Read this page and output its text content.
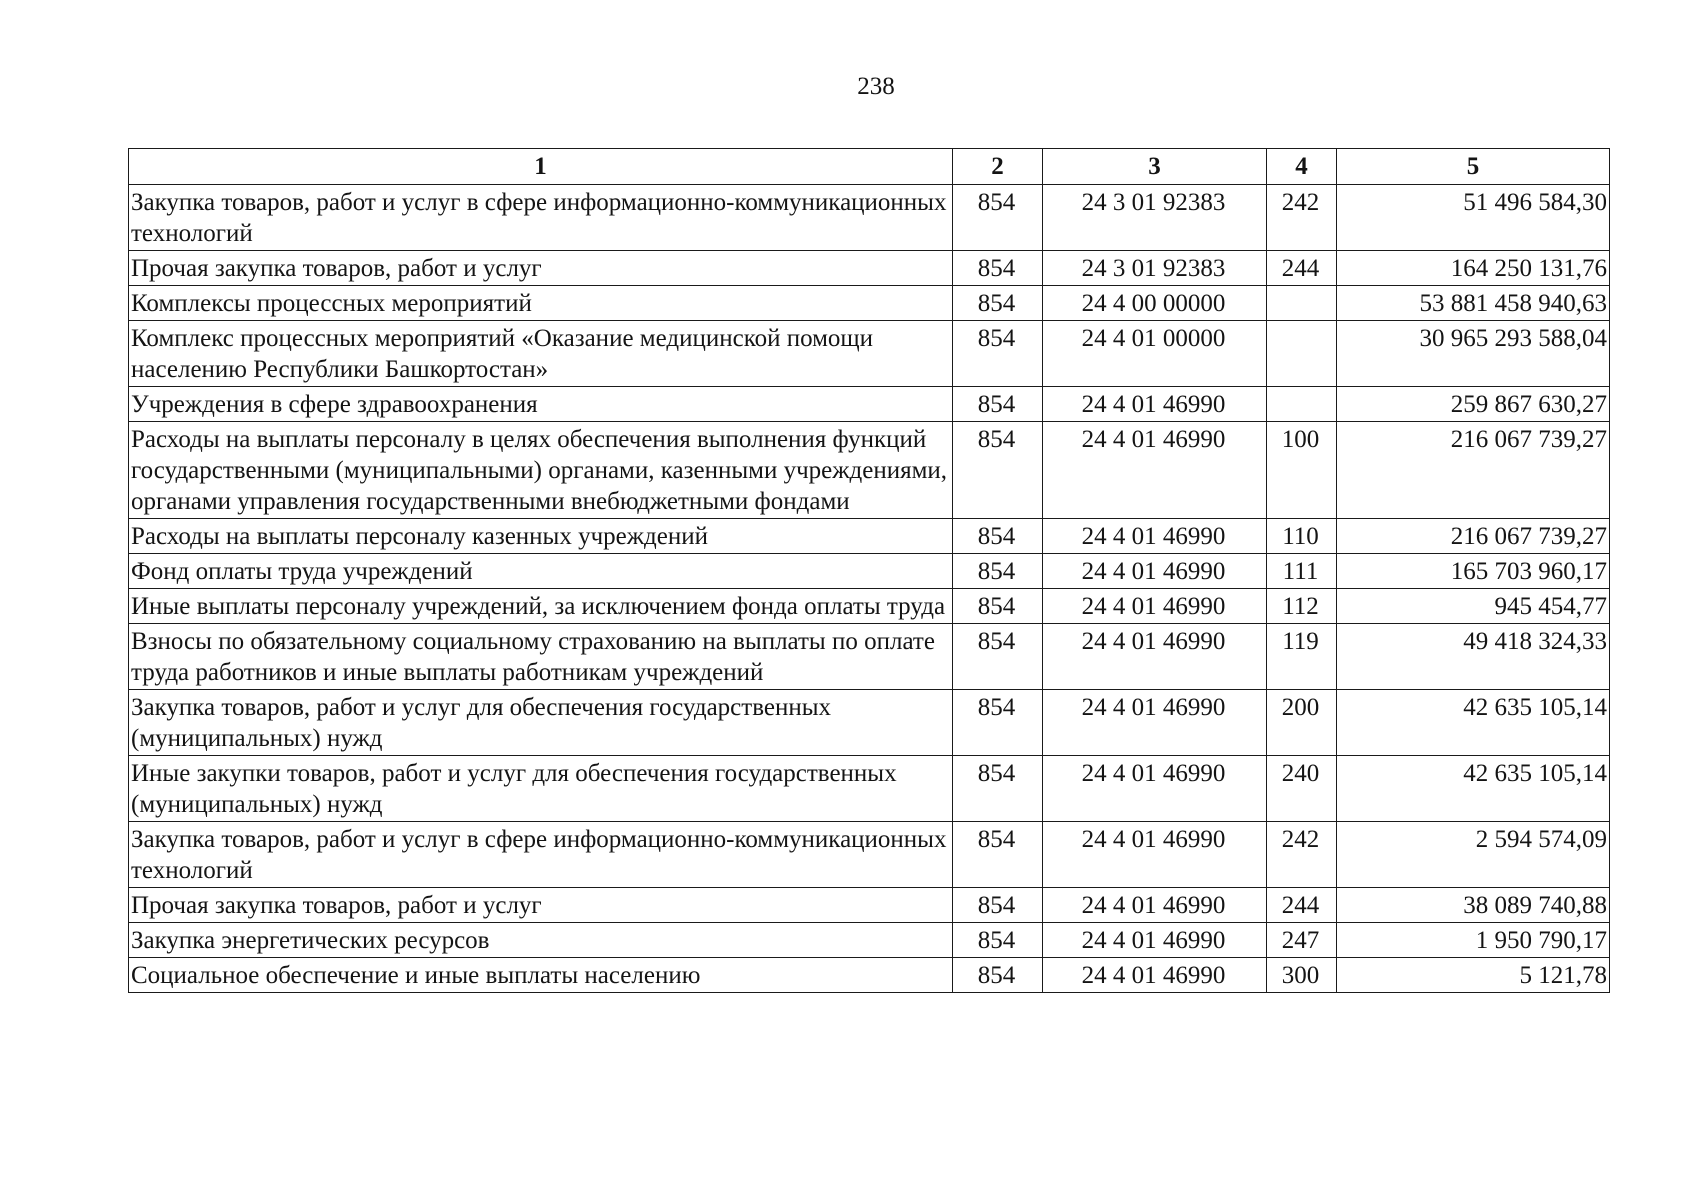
238
1	2	3	4	5
Закупка товаров, работ и услуг в сфере информационно-коммуникационных технологий	854	24 3 01 92383	242	51 496 584,30
Прочая закупка товаров, работ и услуг	854	24 3 01 92383	244	164 250 131,76
Комплексы процессных мероприятий	854	24 4 00 00000		53 881 458 940,63
Комплекс процессных мероприятий «Оказание медицинской помощи населению Республики Башкортостан»	854	24 4 01 00000		30 965 293 588,04
Учреждения в сфере здравоохранения	854	24 4 01 46990		259 867 630,27
Расходы на выплаты персоналу в целях обеспечения выполнения функций государственными (муниципальными) органами, казенными учреждениями, органами управления государственными внебюджетными фондами	854	24 4 01 46990	100	216 067 739,27
Расходы на выплаты персоналу казенных учреждений	854	24 4 01 46990	110	216 067 739,27
Фонд оплаты труда учреждений	854	24 4 01 46990	111	165 703 960,17
Иные выплаты персоналу учреждений, за исключением фонда оплаты труда	854	24 4 01 46990	112	945 454,77
Взносы по обязательному социальному страхованию на выплаты по оплате труда работников и иные выплаты работникам учреждений	854	24 4 01 46990	119	49 418 324,33
Закупка товаров, работ и услуг для обеспечения государственных (муниципальных) нужд	854	24 4 01 46990	200	42 635 105,14
Иные закупки товаров, работ и услуг для обеспечения государственных (муниципальных) нужд	854	24 4 01 46990	240	42 635 105,14
Закупка товаров, работ и услуг в сфере информационно-коммуникационных технологий	854	24 4 01 46990	242	2 594 574,09
Прочая закупка товаров, работ и услуг	854	24 4 01 46990	244	38 089 740,88
Закупка энергетических ресурсов	854	24 4 01 46990	247	1 950 790,17
Социальное обеспечение и иные выплаты населению	854	24 4 01 46990	300	5 121,78
